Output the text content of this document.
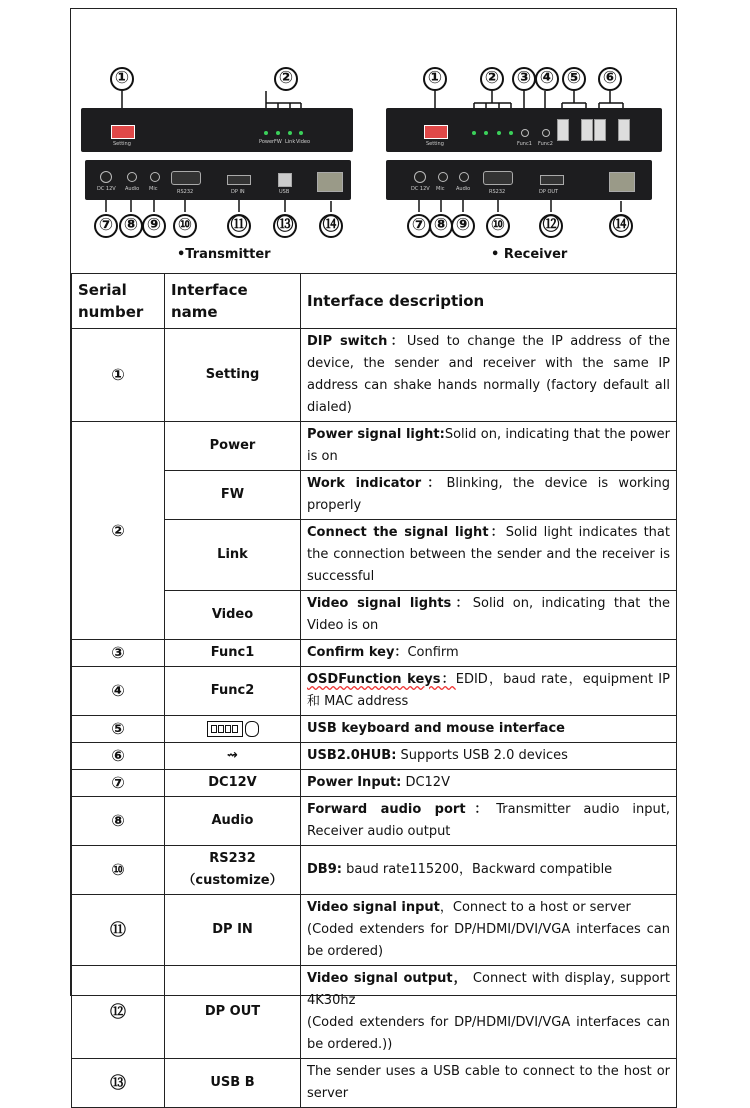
Setting	Power FW Link Video
DC 12V Audio Mic	RS232	DP IN	USB
Setting	Func1 Func2
DC 12V Mic Audio	RS232	DP OUT
①	②	①	② ③ ④ ⑤ ⑥
⑦ ⑧ ⑨ ⑩ ⑪ ⑬ ⑭	⑦ ⑧ ⑨ ⑩ ⑫	⑭
•Transmitter	• Receiver
Serial number	Interface name	Interface description
①	Setting	DIP switch：Used to change the IP address of the device, the sender and receiver with the same IP address can shake hands normally (factory default all dialed)
②	Power	Power signal light:Solid on, indicating that the power is on
	FW	Work indicator：Blinking, the device is working properly
	Link	Connect the signal light：Solid light indicates that the connection between the sender and the receiver is successful
	Video	Video signal lights：Solid on, indicating that the Video is on
③	Func1	Confirm key：Confirm
④	Func2	OSDFunction keys：EDID，baud rate，equipment IP 和 MAC address
⑤		USB keyboard and mouse interface
⑥	⇝	USB2.0HUB: Supports USB 2.0 devices
⑦	DC12V	Power Input: DC12V
⑧	Audio	Forward audio port：Transmitter audio input, Receiver audio output
⑩	RS232（customize）	DB9: baud rate115200，Backward compatible
⑪	DP IN	Video signal input，Connect to a host or server
(Coded extenders for DP/HDMI/DVI/VGA interfaces can be ordered)
⑫	DP OUT	Video signal output， Connect with display, support 4K30hz
(Coded extenders for DP/HDMI/DVI/VGA interfaces can be ordered.))
⑬	USB B	The sender uses a USB cable to connect to the host or server
